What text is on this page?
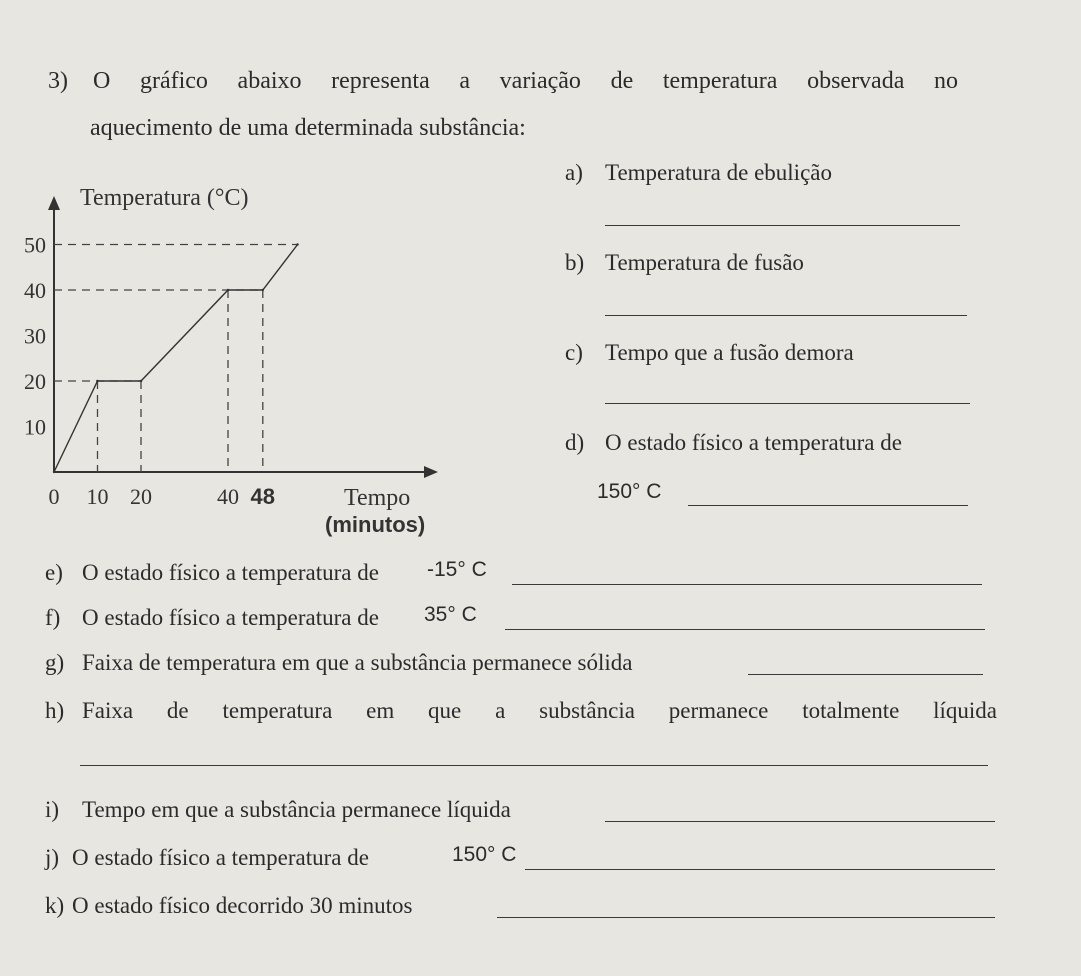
3) O gráfico abaixo representa a variação de temperatura observada no
aquecimento de uma determinada substância:
Temperatura (°C)
Tempo
(minutos)
10
20
30
40
50
0 10 20	40 48
a) Temperatura de ebulição
b) Temperatura de fusão
c) Tempo que a fusão demora
d) O estado físico a temperatura de
150° C
e) O estado físico a temperatura de -15° C
f) O estado físico a temperatura de 35° C
g) Faixa de temperatura em que a substância permanece sólida
h) Faixa de temperatura em que a substância permanece totalmente líquida
i) Tempo em que a substância permanece líquida
j) O estado físico a temperatura de	150° C
k) O estado físico decorrido 30 minutos
